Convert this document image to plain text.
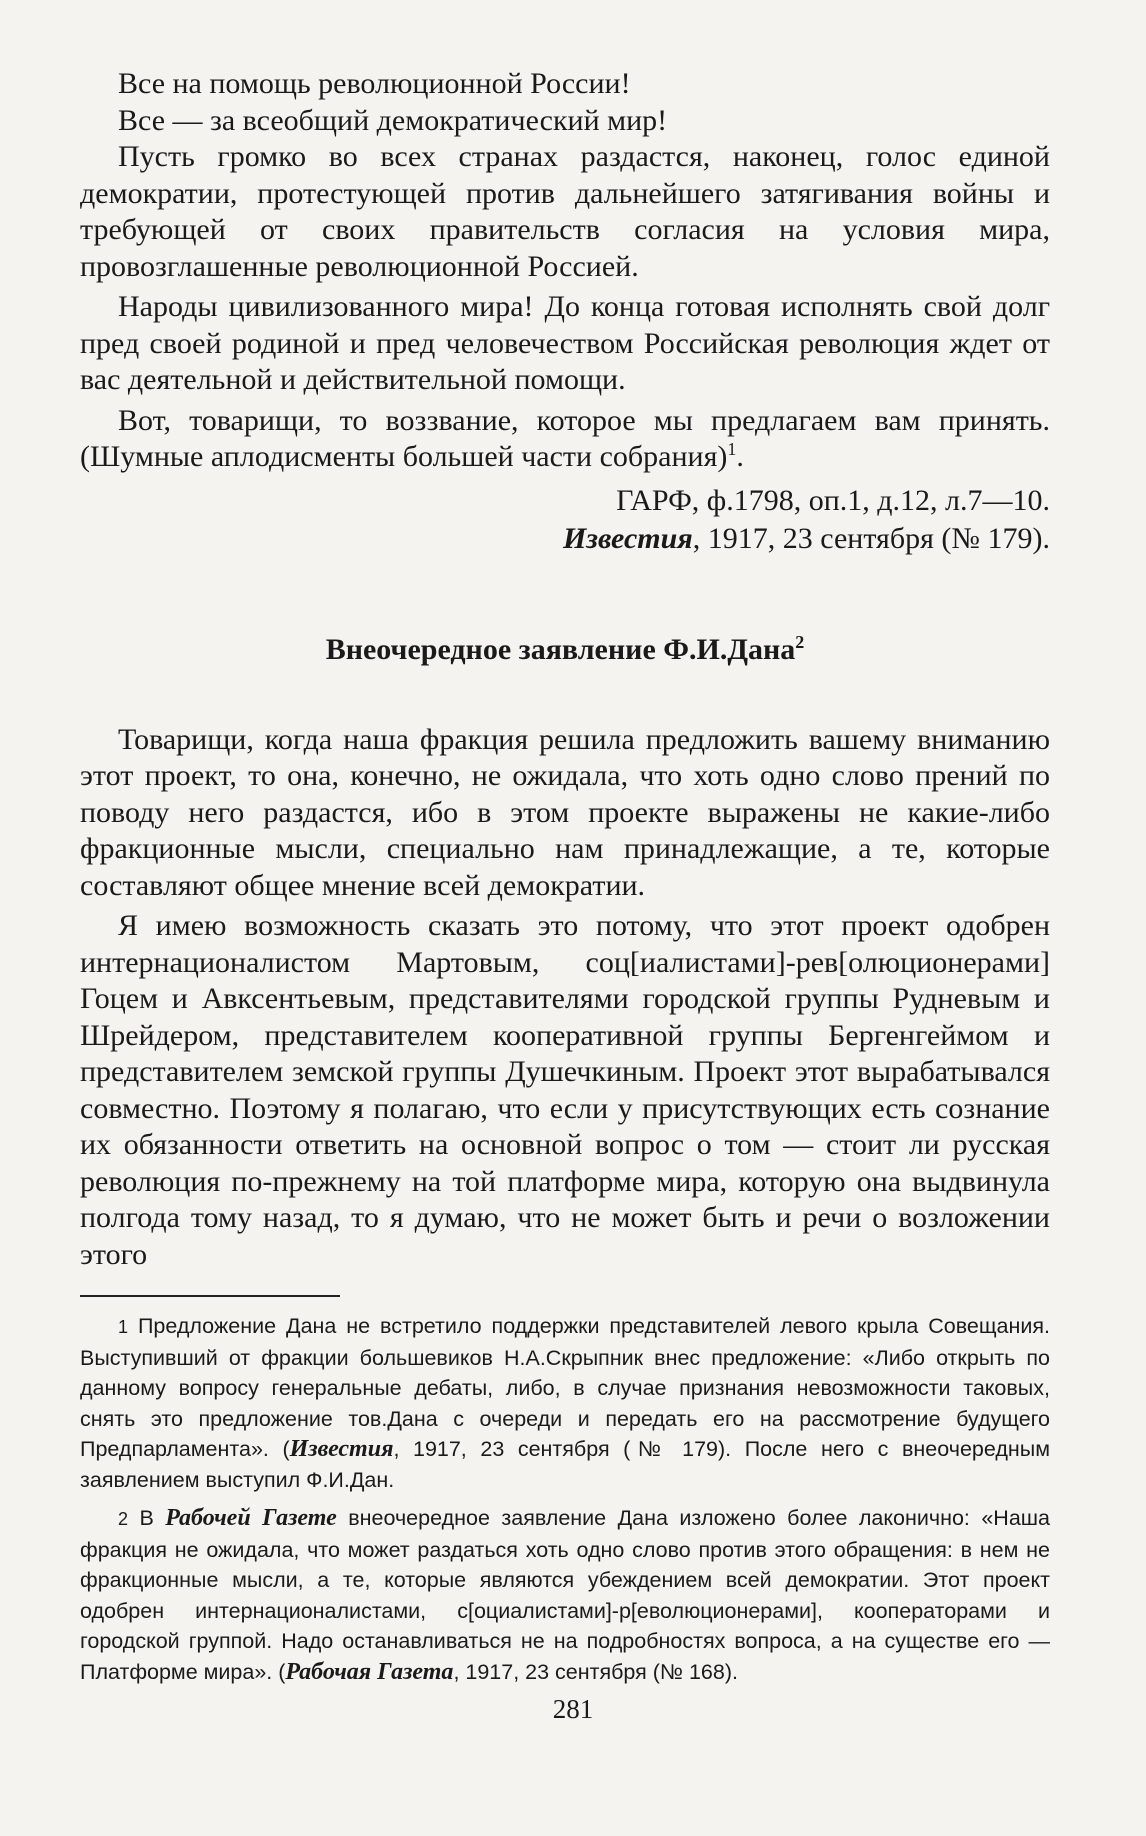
Все на помощь революционной России!

Все — за всеобщий демократический мир!

Пусть громко во всех странах раздастся, наконец, голос единой демократии, протестующей против дальнейшего затягивания войны и требующей от своих правительств согласия на условия мира, провозглашенные революционной Россией.

Народы цивилизованного мира! До конца готовая исполнять свой долг пред своей родиной и пред человечеством Российская революция ждет от вас деятельной и действительной помощи.

Вот, товарищи, то воззвание, которое мы предлагаем вам принять. (Шумные аплодисменты большей части собрания)$^1$.

ГАРФ, ф.1798, оп.1, д.12, л.7—10.

Известия, 1917, 23 сентября (№ 179).

Внеочередное заявление Ф.И.Дана$^2$

Товарищи, когда наша фракция решила предложить вашему вниманию этот проект, то она, конечно, не ожидала, что хоть одно слово прений по поводу него раздастся, ибо в этом проекте выражены не какие-либо фракционные мысли, специально нам принадлежащие, а те, которые составляют общее мнение всей демократии.

Я имею возможность сказать это потому, что этот проект одобрен интернационалистом Мартовым, соц[иалистами]-рев[олюционерами] Гоцем и Авксентьевым, представителями городской группы Рудневым и Шрейдером, представителем кооперативной группы Бергенгеймом и представителем земской группы Душечкиным. Проект этот вырабатывался совместно. Поэтому я полагаю, что если у присутствующих есть сознание их обязанности ответить на основной вопрос о том — стоит ли русская революция по-прежнему на той платформе мира, которую она выдвинула полгода тому назад, то я думаю, что не может быть и речи о возложении этого

1 Предложение Дана не встретило поддержки представителей левого крыла Совещания. Выступивший от фракции большевиков Н.А.Скрыпник внес предложение: «Либо открыть по данному вопросу генеральные дебаты, либо, в случае признания невозможности таковых, снять это предложение тов.Дана с очереди и передать его на рассмотрение будущего Предпарламента». (Известия, 1917, 23 сентября (№ 179). После него с внеочередным заявлением выступил Ф.И.Дан.

2 В Рабочей Газете внеочередное заявление Дана изложено более лаконично: «Наша фракция не ожидала, что может раздаться хоть одно слово против этого обращения: в нем не фракционные мысли, а те, которые являются убеждением всей демократии. Этот проект одобрен интернационалистами, с[оциалистами]-р[еволюционерами], кооператорами и городской группой. Надо останавливаться не на подробностях вопроса, а на существе его — Платформе мира». (Рабочая Газета, 1917, 23 сентября (№ 168).

281
